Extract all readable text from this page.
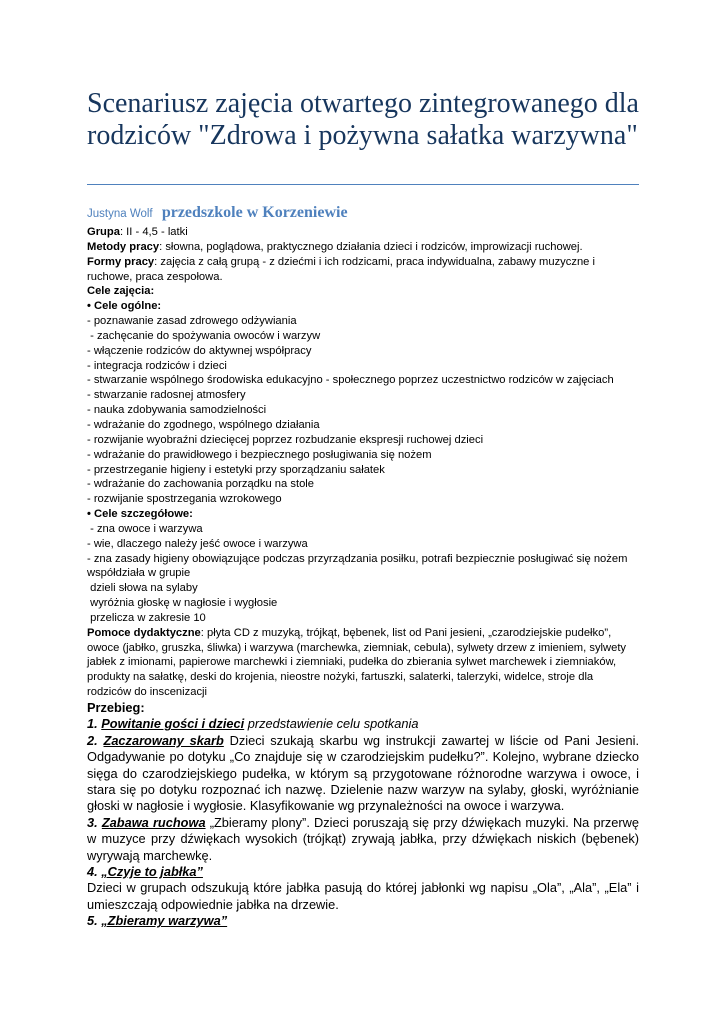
Scenariusz zajęcia otwartego zintegrowanego dla rodziców "Zdrowa i pożywna sałatka warzywna"
Justyna Wolf przedszkole w Korzeniewie

Grupa: II - 4,5 - latki

Metody pracy: słowna, poglądowa, praktycznego działania dzieci i rodziców, improwizacji ruchowej.

Formy pracy: zajęcia z całą grupą - z dziećmi i ich rodzicami, praca indywidualna, zabawy muzyczne i ruchowe, praca zespołowa.

Cele zajęcia:

• Cele ogólne:

- poznawanie zasad zdrowego odżywiania

- zachęcanie do spożywania owoców i warzyw

- włączenie rodziców do aktywnej współpracy

- integracja rodziców i dzieci

- stwarzanie wspólnego środowiska edukacyjno - społecznego poprzez uczestnictwo rodziców w zajęciach

- stwarzanie radosnej atmosfery

- nauka zdobywania samodzielności

- wdrażanie do zgodnego, wspólnego działania

- rozwijanie wyobraźni dziecięcej poprzez rozbudzanie ekspresji ruchowej dzieci

- wdrażanie do prawidłowego i bezpiecznego posługiwania się nożem

- przestrzeganie higieny i estetyki przy sporządzaniu sałatek

- wdrażanie do zachowania porządku na stole

- rozwijanie spostrzegania wzrokowego

• Cele szczegółowe:

- zna owoce i warzywa

- wie, dlaczego należy jeść owoce i warzywa

- zna zasady higieny obowiązujące podczas przyrządzania posiłku, potrafi bezpiecznie posługiwać się nożem

współdziała w grupie

dzieli słowa na sylaby

wyróżnia głoskę w nagłosie i wygłosie

przelicza w zakresie 10

Pomoce dydaktyczne: płyta CD z muzyką, trójkąt, bębenek, list od Pani jesieni, „czarodziejskie pudełko”, owoce (jabłko, gruszka, śliwka) i warzywa (marchewka, ziemniak, cebula), sylwety drzew z imieniem, sylwety jabłek z imionami, papierowe marchewki i ziemniaki, pudełka do zbierania sylwet marchewek i ziemniaków, produkty na sałatkę, deski do krojenia, nieostre nożyki, fartuszki, salaterki, talerzyki, widelce, stroje dla rodziców do inscenizacji

Przebieg:

1. Powitanie gości i dzieci przedstawienie celu spotkania

2. Zaczarowany skarb Dzieci szukają skarbu wg instrukcji zawartej w liście od Pani Jesieni. Odgadywanie po dotyku „Co znajduje się w czarodziejskim pudełku?”. Kolejno, wybrane dziecko sięga do czarodziejskiego pudełka, w którym są przygotowane różnorodne warzywa i owoce, i stara się po dotyku rozpoznać ich nazwę. Dzielenie nazw warzyw na sylaby, głoski, wyróżnianie głoski w nagłosie i wygłosie. Klasyfikowanie wg przynależności na owoce i warzywa.

3. Zabawa ruchowa „Zbieramy plony”. Dzieci poruszają się przy dźwiękach muzyki. Na przerwę w muzyce przy dźwiękach wysokich (trójkąt) zrywają jabłka, przy dźwiękach niskich (bębenek) wyrywają marchewkę.

4. „Czyje to jabłka”

Dzieci w grupach odszukują które jabłka pasują do której jabłonki wg napisu „Ola”, „Ala”, „Ela” i umieszczają odpowiednie jabłka na drzewie.

5. „Zbieramy warzywa”
